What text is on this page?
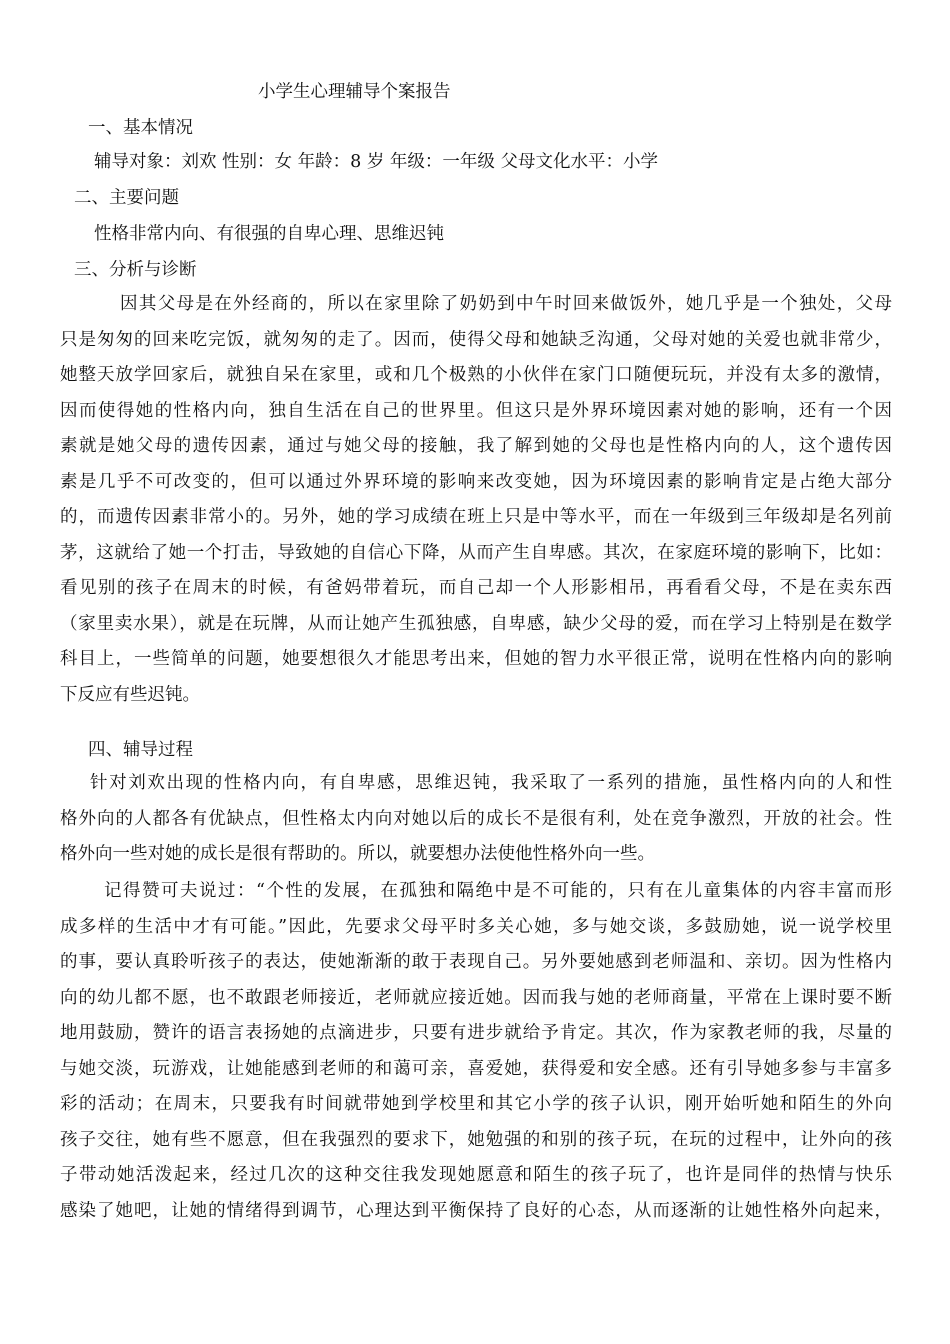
小学生心理辅导个案报告
一、基本情况
辅导对象：刘欢 性别：女 年龄：8 岁 年级：一年级 父母文化水平：小学
二、主要问题
性格非常内向、有很强的自卑心理、思维迟钝
三、分析与诊断
因其父母是在外经商的，所以在家里除了奶奶到中午时回来做饭外，她几乎是一个独处，父母
只是匆匆的回来吃完饭，就匆匆的走了。因而，使得父母和她缺乏沟通，父母对她的关爱也就非常少，
她整天放学回家后，就独自呆在家里，或和几个极熟的小伙伴在家门口随便玩玩，并没有太多的激情，
因而使得她的性格内向，独自生活在自己的世界里。但这只是外界环境因素对她的影响，还有一个因
素就是她父母的遗传因素，通过与她父母的接触，我了解到她的父母也是性格内向的人，这个遗传因
素是几乎不可改变的，但可以通过外界环境的影响来改变她，因为环境因素的影响肯定是占绝大部分
的，而遗传因素非常小的。另外，她的学习成绩在班上只是中等水平，而在一年级到三年级却是名列前
茅，这就给了她一个打击，导致她的自信心下降，从而产生自卑感。其次，在家庭环境的影响下，比如：
看见别的孩子在周末的时候，有爸妈带着玩，而自己却一个人形影相吊，再看看父母，不是在卖东西
（家里卖水果），就是在玩牌，从而让她产生孤独感，自卑感，缺少父母的爱，而在学习上特别是在数学
科目上，一些简单的问题，她要想很久才能思考出来，但她的智力水平很正常，说明在性格内向的影响
下反应有些迟钝。
四、辅导过程
针对刘欢出现的性格内向，有自卑感，思维迟钝，我采取了一系列的措施，虽性格内向的人和性
格外向的人都各有优缺点，但性格太内向对她以后的成长不是很有利，处在竞争激烈，开放的社会。性
格外向一些对她的成长是很有帮助的。所以，就要想办法使他性格外向一些。
记得赞可夫说过：“个性的发展，在孤独和隔绝中是不可能的，只有在儿童集体的内容丰富而形
成多样的生活中才有可能。”因此，先要求父母平时多关心她，多与她交谈，多鼓励她，说一说学校里
的事，要认真聆听孩子的表达，使她渐渐的敢于表现自己。另外要她感到老师温和、亲切。因为性格内
向的幼儿都不愿，也不敢跟老师接近，老师就应接近她。因而我与她的老师商量，平常在上课时要不断
地用鼓励，赞许的语言表扬她的点滴进步，只要有进步就给予肯定。其次，作为家教老师的我，尽量的
与她交淡，玩游戏，让她能感到老师的和蔼可亲，喜爱她，获得爱和安全感。还有引导她多参与丰富多
彩的活动；在周末，只要我有时间就带她到学校里和其它小学的孩子认识，刚开始听她和陌生的外向
孩子交往，她有些不愿意，但在我强烈的要求下，她勉强的和别的孩子玩，在玩的过程中，让外向的孩
子带动她活泼起来，经过几次的这种交往我发现她愿意和陌生的孩子玩了，也许是同伴的热情与快乐
感染了她吧，让她的情绪得到调节，心理达到平衡保持了良好的心态，从而逐渐的让她性格外向起来，
